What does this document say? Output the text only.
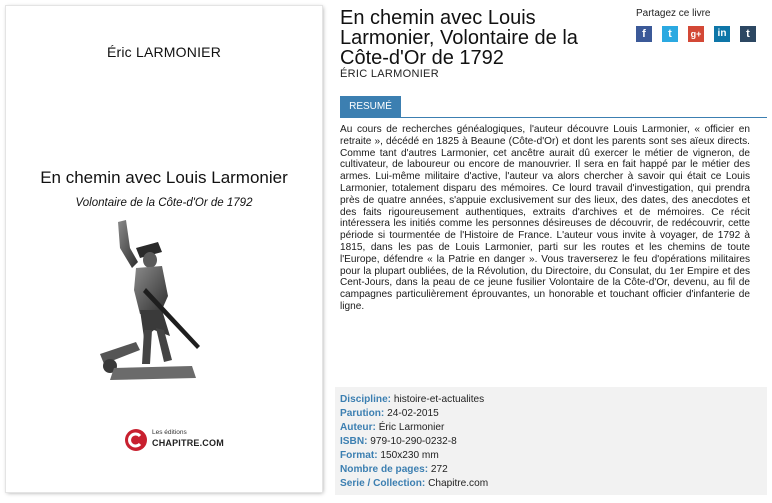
Éric LARMONIER
En chemin avec Louis Larmonier
Volontaire de la Côte-d'Or de 1792
Les éditions
CHAPITRE.COM
En chemin avec Louis Larmonier, Volontaire de la Côte-d'Or de 1792
ÉRIC LARMONIER
Partagez ce livre
f t g+ in t
RESUMÉ

Au cours de recherches généalogiques, l'auteur découvre Louis Larmonier, « officier en retraite », décédé en 1825 à Beaune (Côte-d'Or) et dont les parents sont ses aïeux directs. Comme tant d'autres Larmonier, cet ancêtre aurait dû exercer le métier de vigneron, de cultivateur, de laboureur ou encore de manouvrier. Il sera en fait happé par le métier des armes. Lui-même militaire d'active, l'auteur va alors chercher à savoir qui était ce Louis Larmonier, totalement disparu des mémoires. Ce lourd travail d'investigation, qui prendra près de quatre années, s'appuie exclusivement sur des lieux, des dates, des anecdotes et des faits rigoureusement authentiques, extraits d'archives et de mémoires. Ce récit intéressera les initiés comme les personnes désireuses de découvrir, de redécouvrir, cette période si tourmentée de l'Histoire de France. L'auteur vous invite à voyager, de 1792 à 1815, dans les pas de Louis Larmonier, parti sur les routes et les chemins de toute l'Europe, défendre « la Patrie en danger ». Vous traverserez le feu d'opérations militaires pour la plupart oubliées, de la Révolution, du Directoire, du Consulat, du 1er Empire et des Cent-Jours, dans la peau de ce jeune fusilier Volontaire de la Côte-d'Or, devenu, au fil de campagnes particulièrement éprouvantes, un honorable et touchant officier d'infanterie de ligne.

Discipline: histoire-et-actualites
Parution: 24-02-2015
Auteur: Éric Larmonier
ISBN: 979-10-290-0232-8
Format: 150x230 mm
Nombre de pages: 272
Serie / Collection: Chapitre.com
